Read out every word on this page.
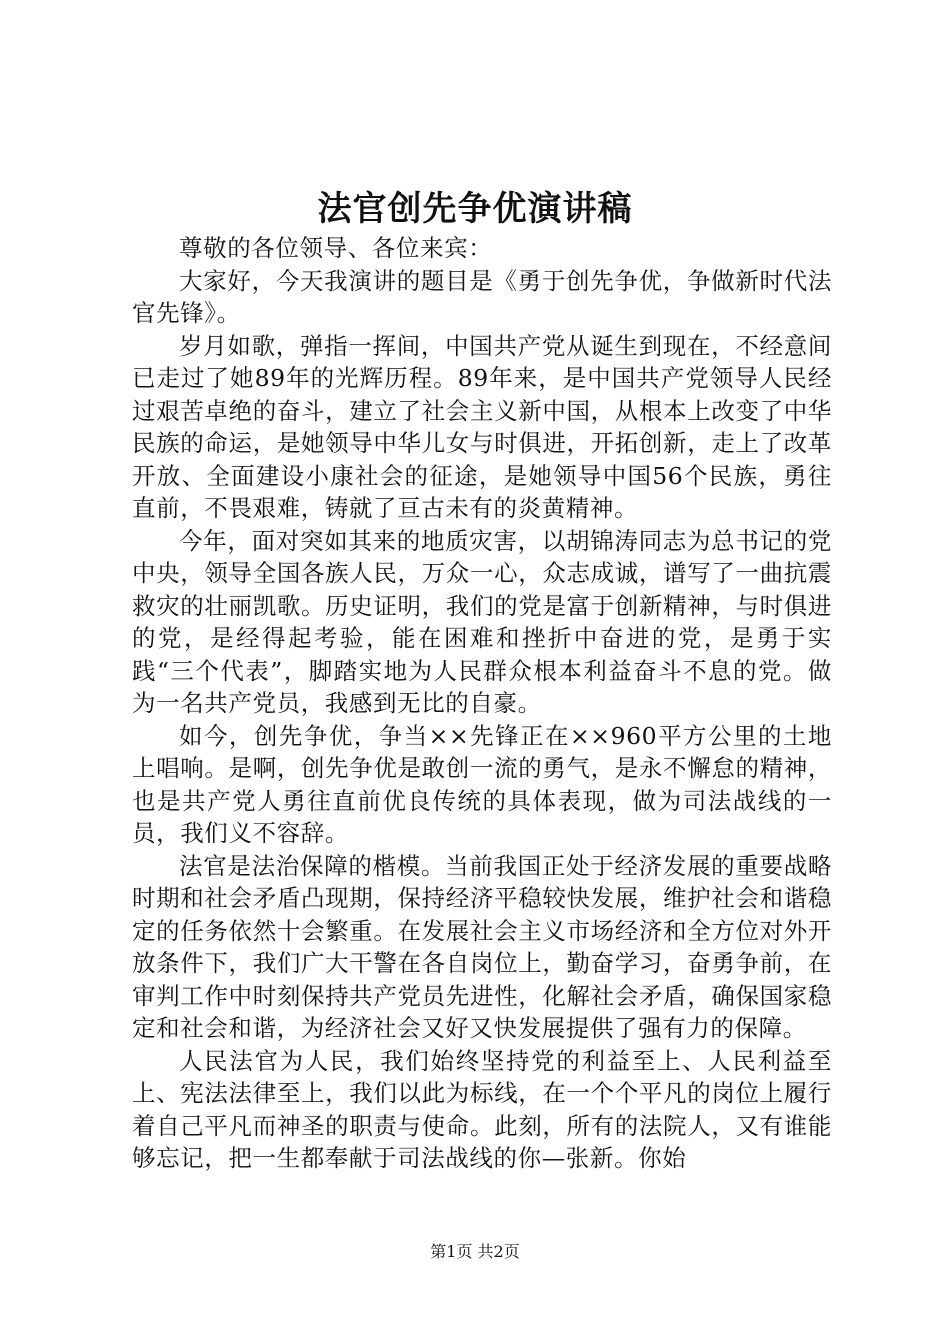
法官创先争优演讲稿

尊敬的各位领导、各位来宾：

大家好，今天我演讲的题目是《勇于创先争优，争做新时代法官先锋》。

岁月如歌，弹指一挥间，中国共产党从诞生到现在，不经意间已走过了她89年的光辉历程。89年来，是中国共产党领导人民经过艰苦卓绝的奋斗，建立了社会主义新中国，从根本上改变了中华民族的命运，是她领导中华儿女与时俱进，开拓创新，走上了改革开放、全面建设小康社会的征途，是她领导中国56个民族，勇往直前，不畏艰难，铸就了亘古未有的炎黄精神。

今年，面对突如其来的地质灾害，以胡锦涛同志为总书记的党中央，领导全国各族人民，万众一心，众志成诚，谱写了一曲抗震救灾的壮丽凯歌。历史证明，我们的党是富于创新精神，与时俱进的党，是经得起考验，能在困难和挫折中奋进的党，是勇于实践“三个代表”，脚踏实地为人民群众根本利益奋斗不息的党。做为一名共产党员，我感到无比的自豪。

如今，创先争优，争当××先锋正在××960平方公里的土地上唱响。是啊，创先争优是敢创一流的勇气，是永不懈怠的精神，也是共产党人勇往直前优良传统的具体表现，做为司法战线的一员，我们义不容辞。

法官是法治保障的楷模。当前我国正处于经济发展的重要战略时期和社会矛盾凸现期，保持经济平稳较快发展，维护社会和谐稳定的任务依然十会繁重。在发展社会主义市场经济和全方位对外开放条件下，我们广大干警在各自岗位上，勤奋学习，奋勇争前，在审判工作中时刻保持共产党员先进性，化解社会矛盾，确保国家稳定和社会和谐，为经济社会又好又快发展提供了强有力的保障。

人民法官为人民，我们始终坚持党的利益至上、人民利益至上、宪法法律至上，我们以此为标线，在一个个平凡的岗位上履行着自己平凡而神圣的职责与使命。此刻，所有的法院人，又有谁能够忘记，把一生都奉献于司法战线的你—张新。你始

第1页 共2页
